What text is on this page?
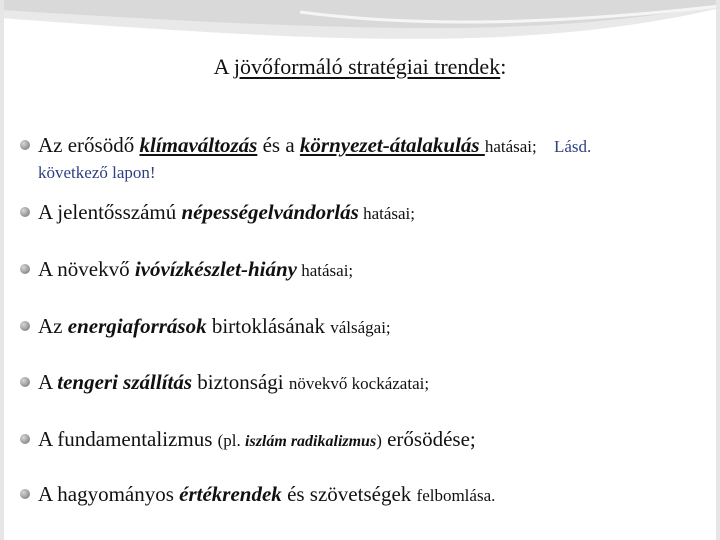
A jövőformáló stratégiai trendek:
Az erősödő klímaváltozás és a környezet-átalakulás hatásai; Lásd.
következő lapon!
A jelentősszámú népességelvándorlás hatásai;
A növekvő ivóvízkészlet-hiány hatásai;
Az energiaforrások birtoklásának válságai;
A tengeri szállítás biztonsági növekvő kockázatai;
A fundamentalizmus (pl. iszlám radikalizmus) erősödése;
A hagyományos értékrendek és szövetségek felbomlása.
